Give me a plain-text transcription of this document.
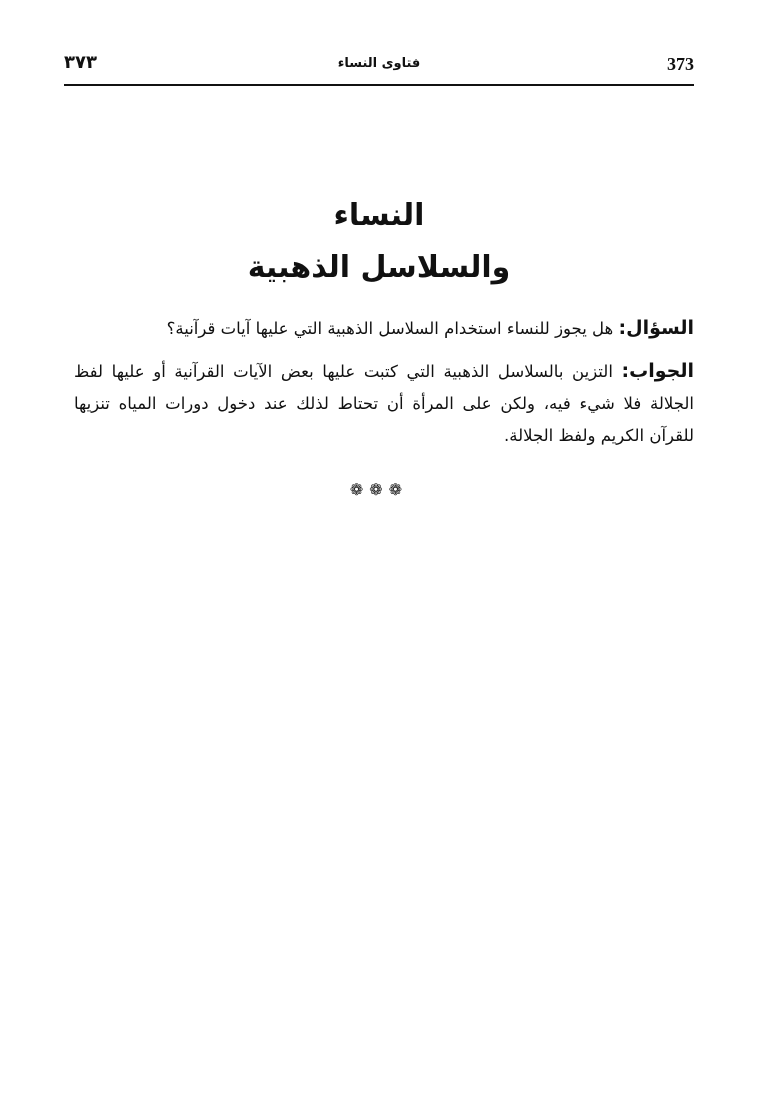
373
فتاوى النساء
٣٧٣

النساء

والسلاسل الذهبية

السؤال: هل يجوز للنساء استخدام السلاسل الذهبية التي عليها آيات قرآنية؟

الجواب: التزين بالسلاسل الذهبية التي كتبت عليها بعض الآيات القرآنية أو عليها لفظ الجلالة فلا شيء فيه، ولكن على المرأة أن تحتاط لذلك عند دخول دورات المياه تنزيها للقرآن الكريم ولفظ الجلالة.

❁❁❁
